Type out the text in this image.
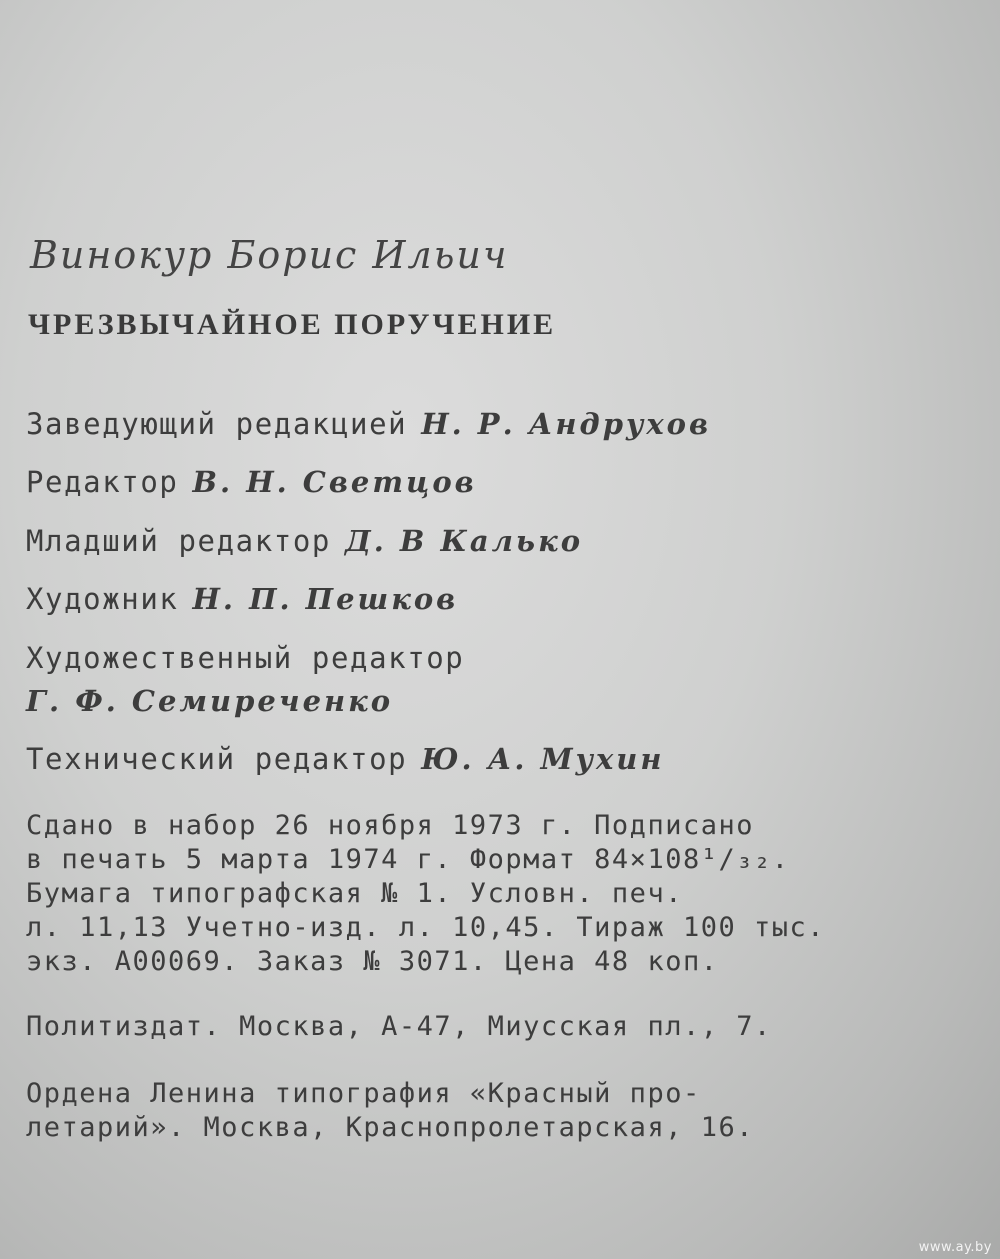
Винокур Борис Ильич
ЧРЕЗВЫЧАЙНОЕ ПОРУЧЕНИЕ
Заведующий редакцией Н. Р. Андрухов
Редактор В. Н. Светцов
Младший редактор Д. В Калько
Художник Н. П. Пешков
Художественный редактор
Г. Ф. Семиреченко
Технический редактор Ю. А. Мухин
Сдано в набор 26 ноября 1973 г. Подписано
в печать 5 марта 1974 г. Формат 84×108¹/₃₂.
Бумага типографская № 1. Условн. печ.
л. 11,13 Учетно-изд. л. 10,45. Тираж 100 тыс.
экз. А00069. Заказ № 3071. Цена 48 коп.
Политиздат. Москва, А-47, Миусская пл., 7.
Ордена Ленина типография «Красный про-
летарий». Москва, Краснопролетарская, 16.
www.ay.by
